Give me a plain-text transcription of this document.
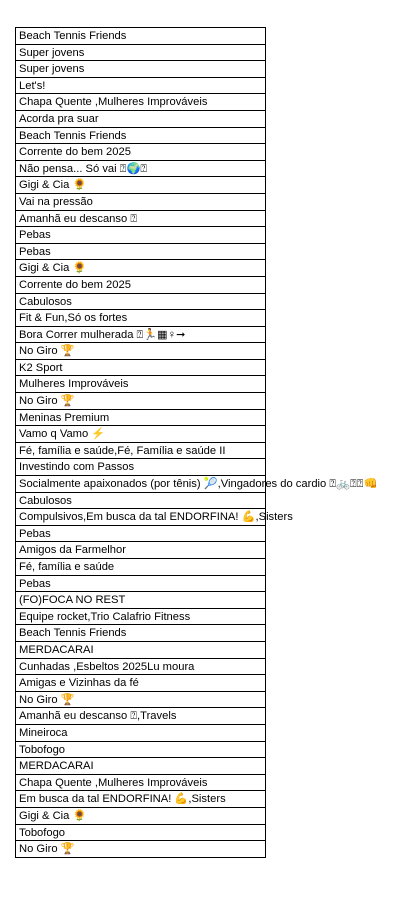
Beach Tennis Friends
Super jovens
Super jovens
Let's!
Chapa Quente ,Mulheres Improváveis
Acorda pra suar
Beach Tennis Friends
Corrente do bem 2025
Não pensa... Só vai ⍰🌍⍰
Gigi & Cia 🌻
Vai na pressão
Amanhã eu descanso ⍰
Pebas
Pebas
Gigi & Cia 🌻
Corrente do bem 2025
Cabulosos
Fit & Fun,Só os fortes
Bora Correr mulherada ⍰🏃▦♀➞
No Giro 🏆
K2 Sport
Mulheres Improváveis
No Giro 🏆
Meninas Premium
Vamo q Vamo ⚡
Fé, família e saúde,Fé, Família e saúde II
Investindo com Passos
Socialmente apaixonados (por tênis) 🎾,Vingadores do cardio ⍰🚲⍰⍰👊
Cabulosos
Compulsivos,Em busca da tal ENDORFINA! 💪,Sisters
Pebas
Amigos da Farmelhor
Fé, família e saúde
Pebas
(FO)FOCA NO REST
Equipe rocket,Trio Calafrio Fitness
Beach Tennis Friends
MERDACARAI
Cunhadas ,Esbeltos 2025Lu moura
Amigas e Vizinhas da fé
No Giro 🏆
Amanhã eu descanso ⍰,Travels
Mineiroca
Tobofogo
MERDACARAI
Chapa Quente ,Mulheres Improváveis
Em busca da tal ENDORFINA! 💪,Sisters
Gigi & Cia 🌻
Tobofogo
No Giro 🏆
